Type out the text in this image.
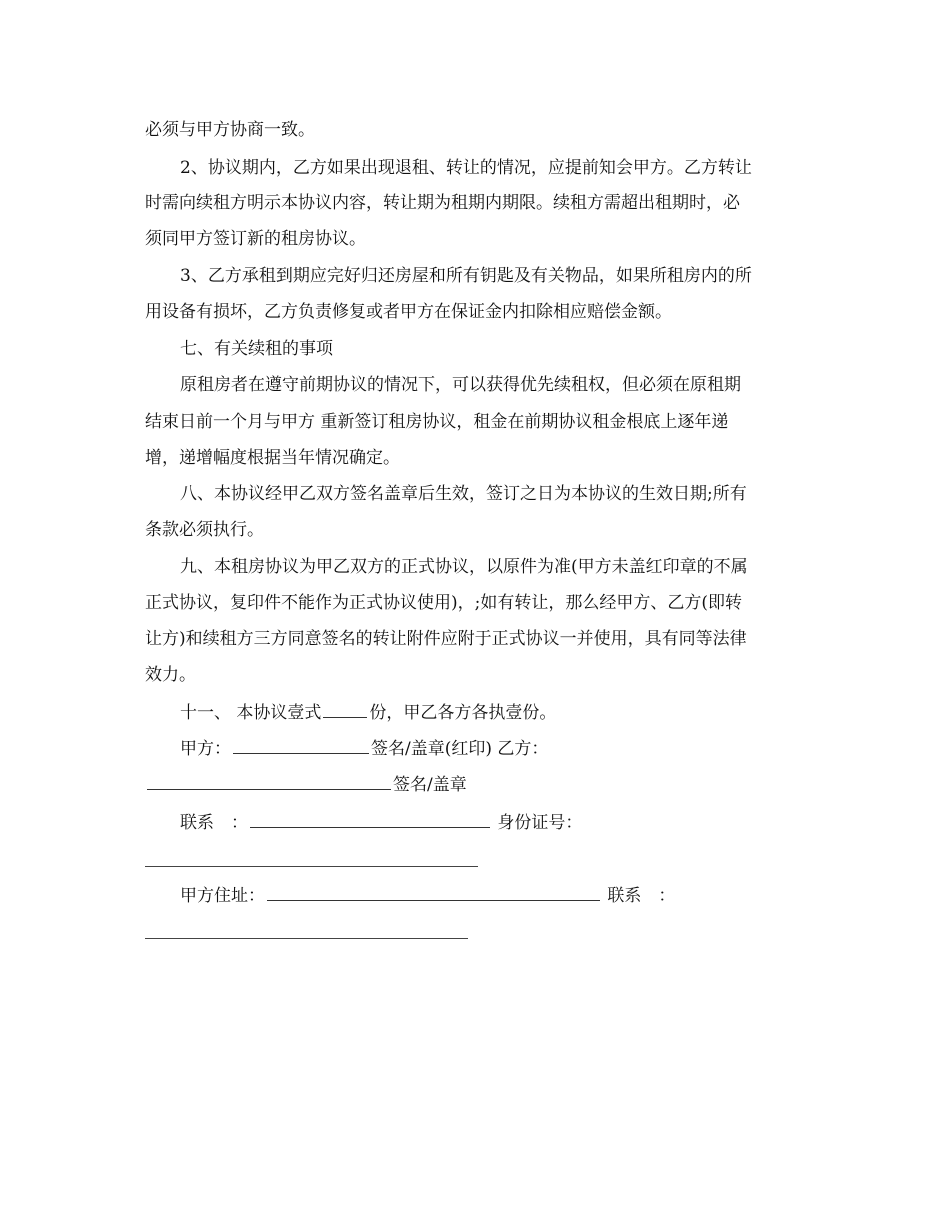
必须与甲方协商一致。
2、协议期内，乙方如果出现退租、转让的情况，应提前知会甲方。乙方转让
时需向续租方明示本协议内容，转让期为租期内期限。续租方需超出租期时，必
须同甲方签订新的租房协议。
3、乙方承租到期应完好归还房屋和所有钥匙及有关物品，如果所租房内的所
用设备有损坏，乙方负责修复或者甲方在保证金内扣除相应赔偿金额。
七、有关续租的事项
原租房者在遵守前期协议的情况下，可以获得优先续租权，但必须在原租期
结束日前一个月与甲方 重新签订租房协议，租金在前期协议租金根底上逐年递
增，递增幅度根据当年情况确定。
八、本协议经甲乙双方签名盖章后生效，签订之日为本协议的生效日期;所有
条款必须执行。
九、本租房协议为甲乙双方的正式协议，以原件为准(甲方未盖红印章的不属
正式协议，复印件不能作为正式协议使用)，;如有转让，那么经甲方、乙方(即转
让方)和续租方三方同意签名的转让附件应附于正式协议一并使用，具有同等法律
效力。
十一、 本协议壹式	份，甲乙各方各执壹份。
甲方：	签名/盖章(红印) 乙方：
签名/盖章
联系　：	身份证号：
甲方住址：	联系　：
